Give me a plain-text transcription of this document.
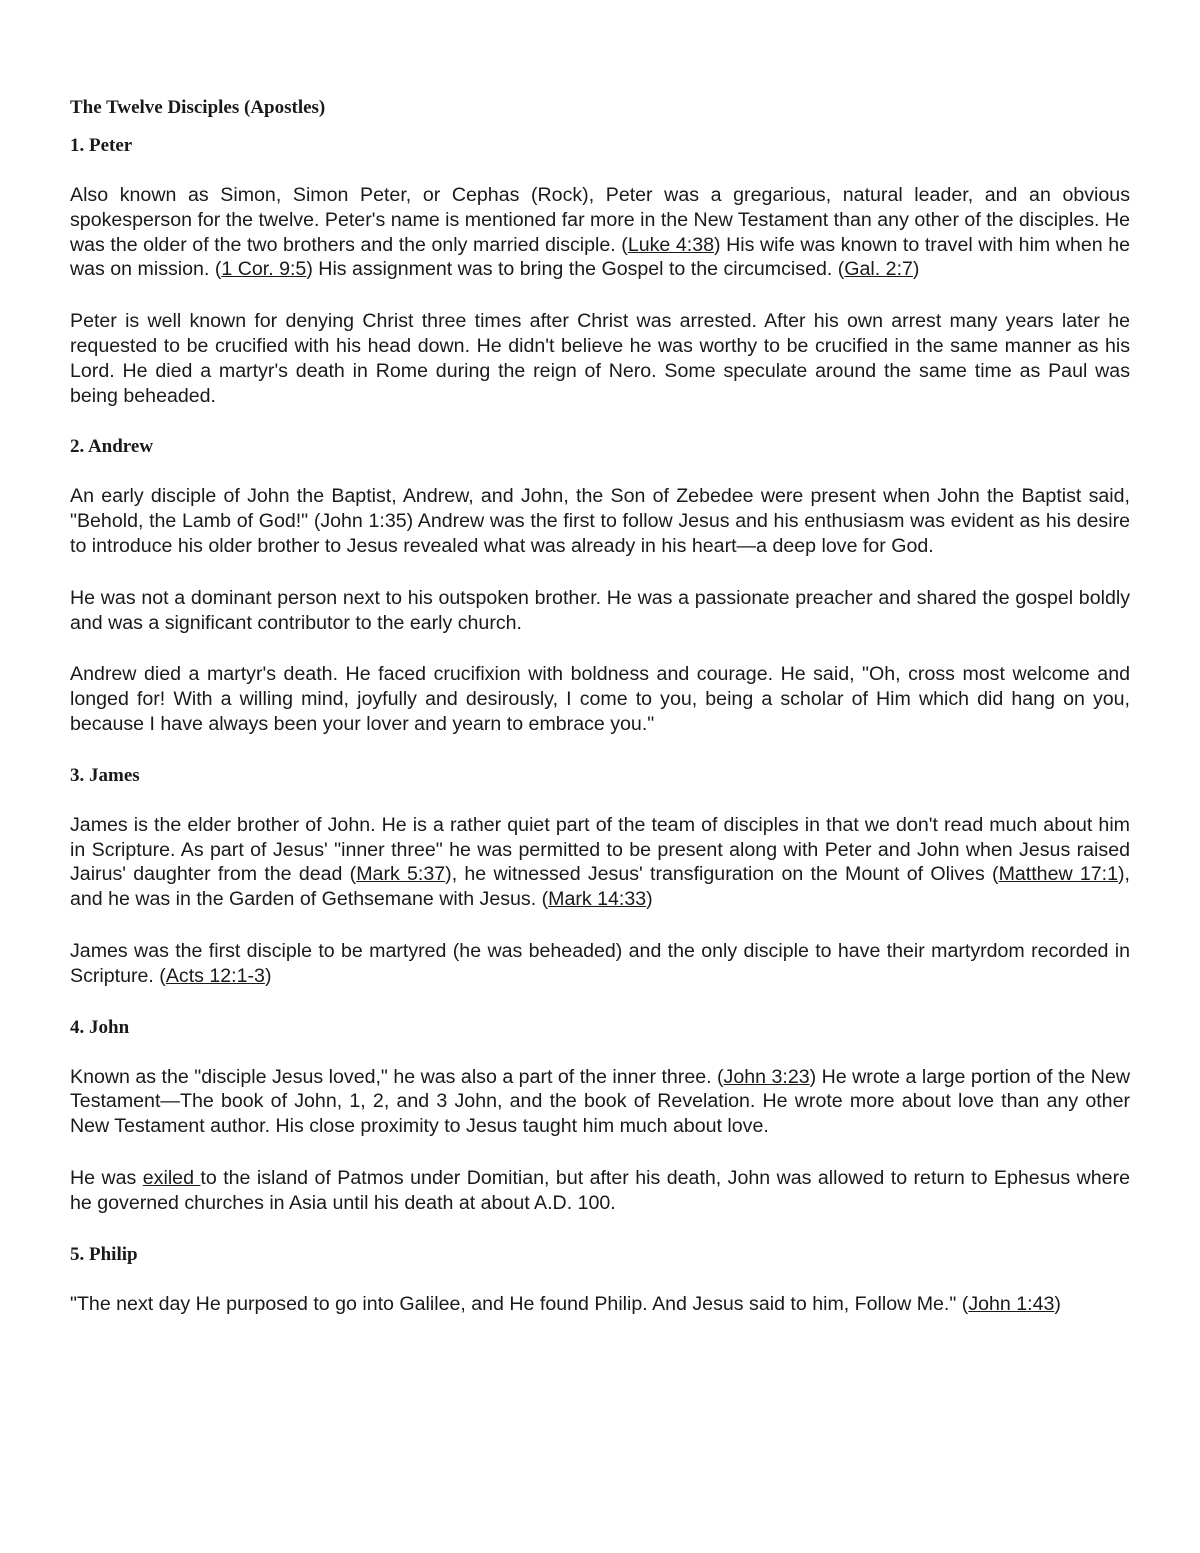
The Twelve Disciples (Apostles)
1. Peter
Also known as Simon, Simon Peter, or Cephas (Rock), Peter was a gregarious, natural leader, and an obvious spokesperson for the twelve. Peter's name is mentioned far more in the New Testament than any other of the disciples. He was the older of the two brothers and the only married disciple. (Luke 4:38) His wife was known to travel with him when he was on mission. (1 Cor. 9:5) His assignment was to bring the Gospel to the circumcised. (Gal. 2:7)
Peter is well known for denying Christ three times after Christ was arrested. After his own arrest many years later he requested to be crucified with his head down. He didn't believe he was worthy to be crucified in the same manner as his Lord. He died a martyr's death in Rome during the reign of Nero. Some speculate around the same time as Paul was being beheaded.
2. Andrew
An early disciple of John the Baptist, Andrew, and John, the Son of Zebedee were present when John the Baptist said, "Behold, the Lamb of God!" (John 1:35) Andrew was the first to follow Jesus and his enthusiasm was evident as his desire to introduce his older brother to Jesus revealed what was already in his heart—a deep love for God.
He was not a dominant person next to his outspoken brother. He was a passionate preacher and shared the gospel boldly and was a significant contributor to the early church.
Andrew died a martyr's death. He faced crucifixion with boldness and courage. He said, "Oh, cross most welcome and longed for! With a willing mind, joyfully and desirously, I come to you, being a scholar of Him which did hang on you, because I have always been your lover and yearn to embrace you."
3. James
James is the elder brother of John. He is a rather quiet part of the team of disciples in that we don't read much about him in Scripture. As part of Jesus' "inner three" he was permitted to be present along with Peter and John when Jesus raised Jairus' daughter from the dead (Mark 5:37), he witnessed Jesus' transfiguration on the Mount of Olives (Matthew 17:1), and he was in the Garden of Gethsemane with Jesus. (Mark 14:33)
James was the first disciple to be martyred (he was beheaded) and the only disciple to have their martyrdom recorded in Scripture. (Acts 12:1-3)
4. John
Known as the "disciple Jesus loved," he was also a part of the inner three. (John 3:23) He wrote a large portion of the New Testament—The book of John, 1, 2, and 3 John, and the book of Revelation. He wrote more about love than any other New Testament author. His close proximity to Jesus taught him much about love.
He was exiled to the island of Patmos under Domitian, but after his death, John was allowed to return to Ephesus where he governed churches in Asia until his death at about A.D. 100.
5. Philip
"The next day He purposed to go into Galilee, and He found Philip. And Jesus said to him, Follow Me." (John 1:43)
